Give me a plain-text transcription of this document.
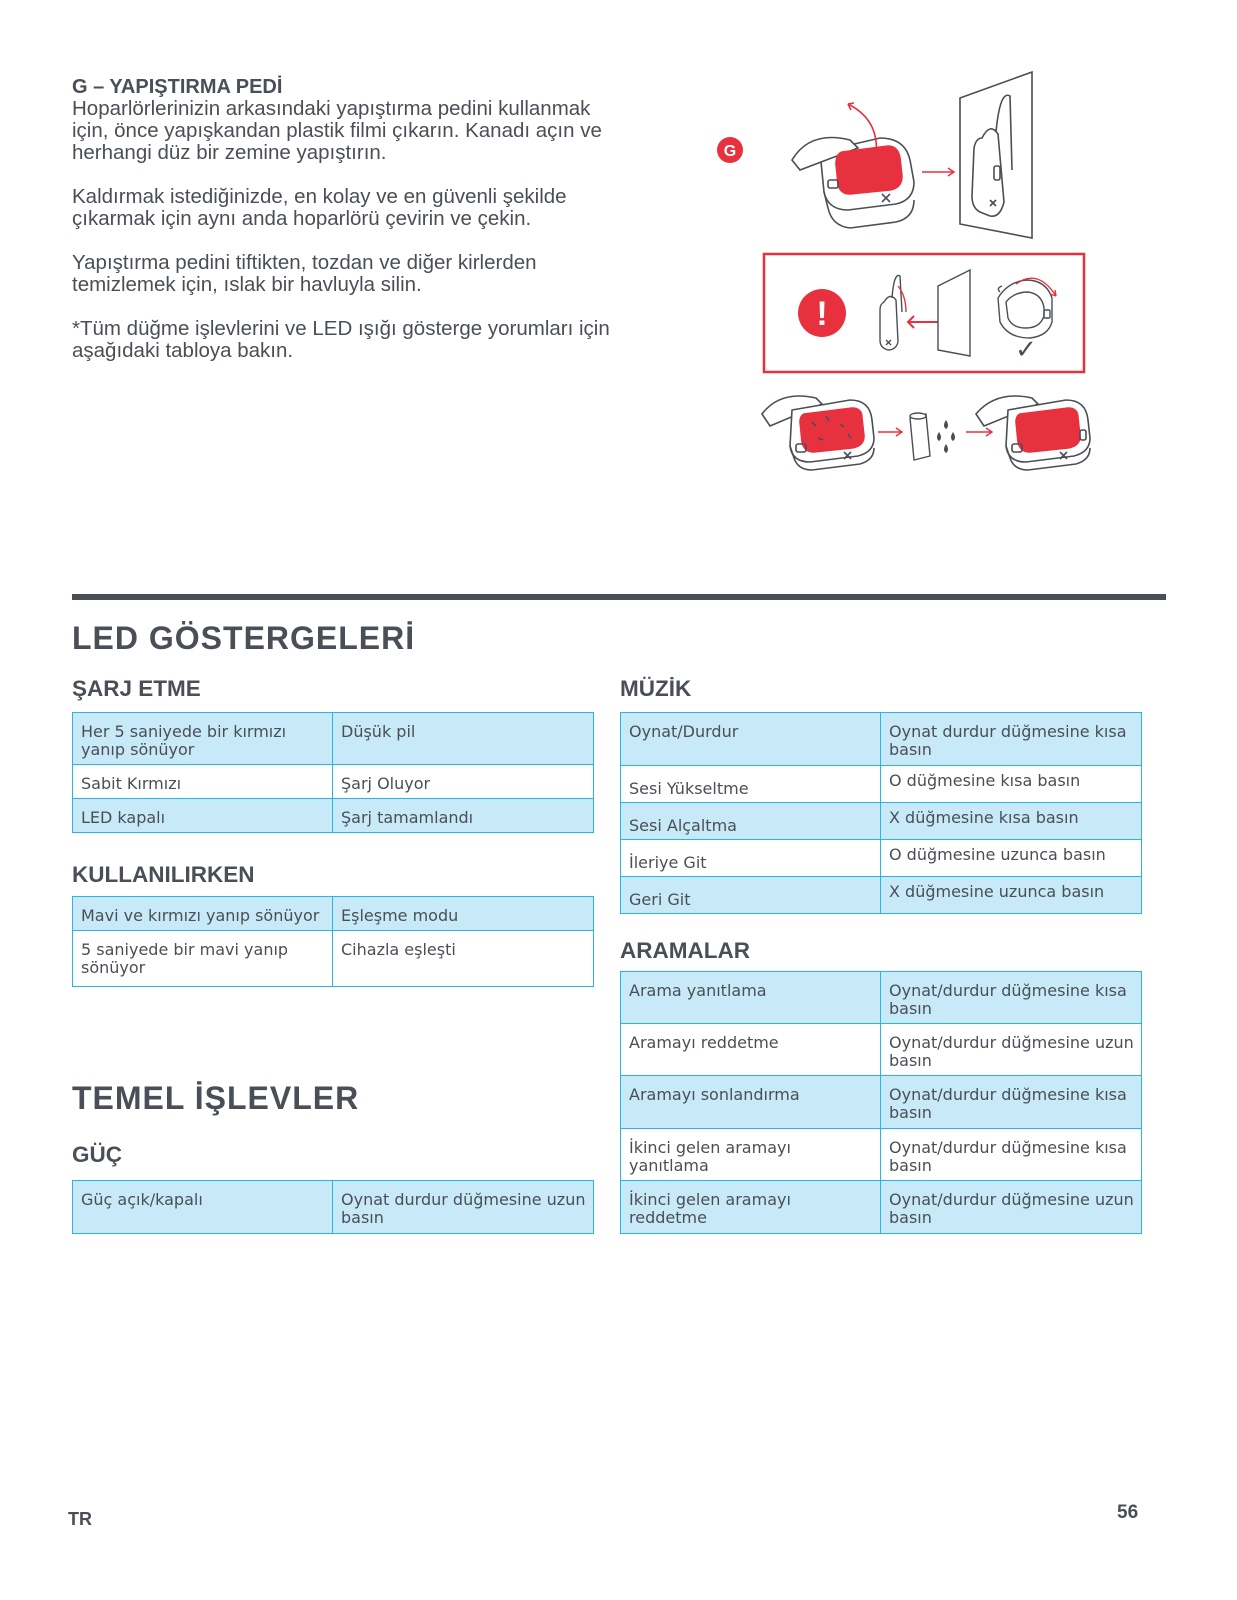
G – YAPIŞTIRMA PEDİ

Hoparlörlerinizin arkasındaki yapıştırma pedini kullanmak için, önce yapışkandan plastik filmi çıkarın. Kanadı açın ve herhangi düz bir zemine yapıştırın.

Kaldırmak istediğinizde, en kolay ve en güvenli şekilde çıkarmak için aynı anda hoparlörü çevirin ve çekin.

Yapıştırma pedini tiftikten, tozdan ve diğer kirlerden temizlemek için, ıslak bir havluyla silin.

*Tüm düğme işlevlerini ve LED ışığı gösterge yorumları için aşağıdaki tabloya bakın.

G
!
✓
LED GÖSTERGELERİ
ŞARJ ETME
Her 5 saniyede bir kırmızı yanıp sönüyor	Düşük pil
Sabit Kırmızı	Şarj Oluyor
LED kapalı	Şarj tamamlandı
KULLANILIRKEN
Mavi ve kırmızı yanıp sönüyor	Eşleşme modu
5 saniyede bir mavi yanıp sönüyor	Cihazla eşleşti
TEMEL İŞLEVLER
GÜÇ
Güç açık/kapalı	Oynat durdur düğmesine uzun basın
MÜZİK
Oynat/Durdur	Oynat durdur düğmesine kısa basın
Sesi Yükseltme	O düğmesine kısa basın
Sesi Alçaltma	X düğmesine kısa basın
İleriye Git	O düğmesine uzunca basın
Geri Git	X düğmesine uzunca basın
ARAMALAR
Arama yanıtlama	Oynat/durdur düğmesine kısa basın
Aramayı reddetme	Oynat/durdur düğmesine uzun basın
Aramayı sonlandırma	Oynat/durdur düğmesine kısa basın
İkinci gelen aramayı yanıtlama	Oynat/durdur düğmesine kısa basın
İkinci gelen aramayı reddetme	Oynat/durdur düğmesine uzun basın
TR	56
